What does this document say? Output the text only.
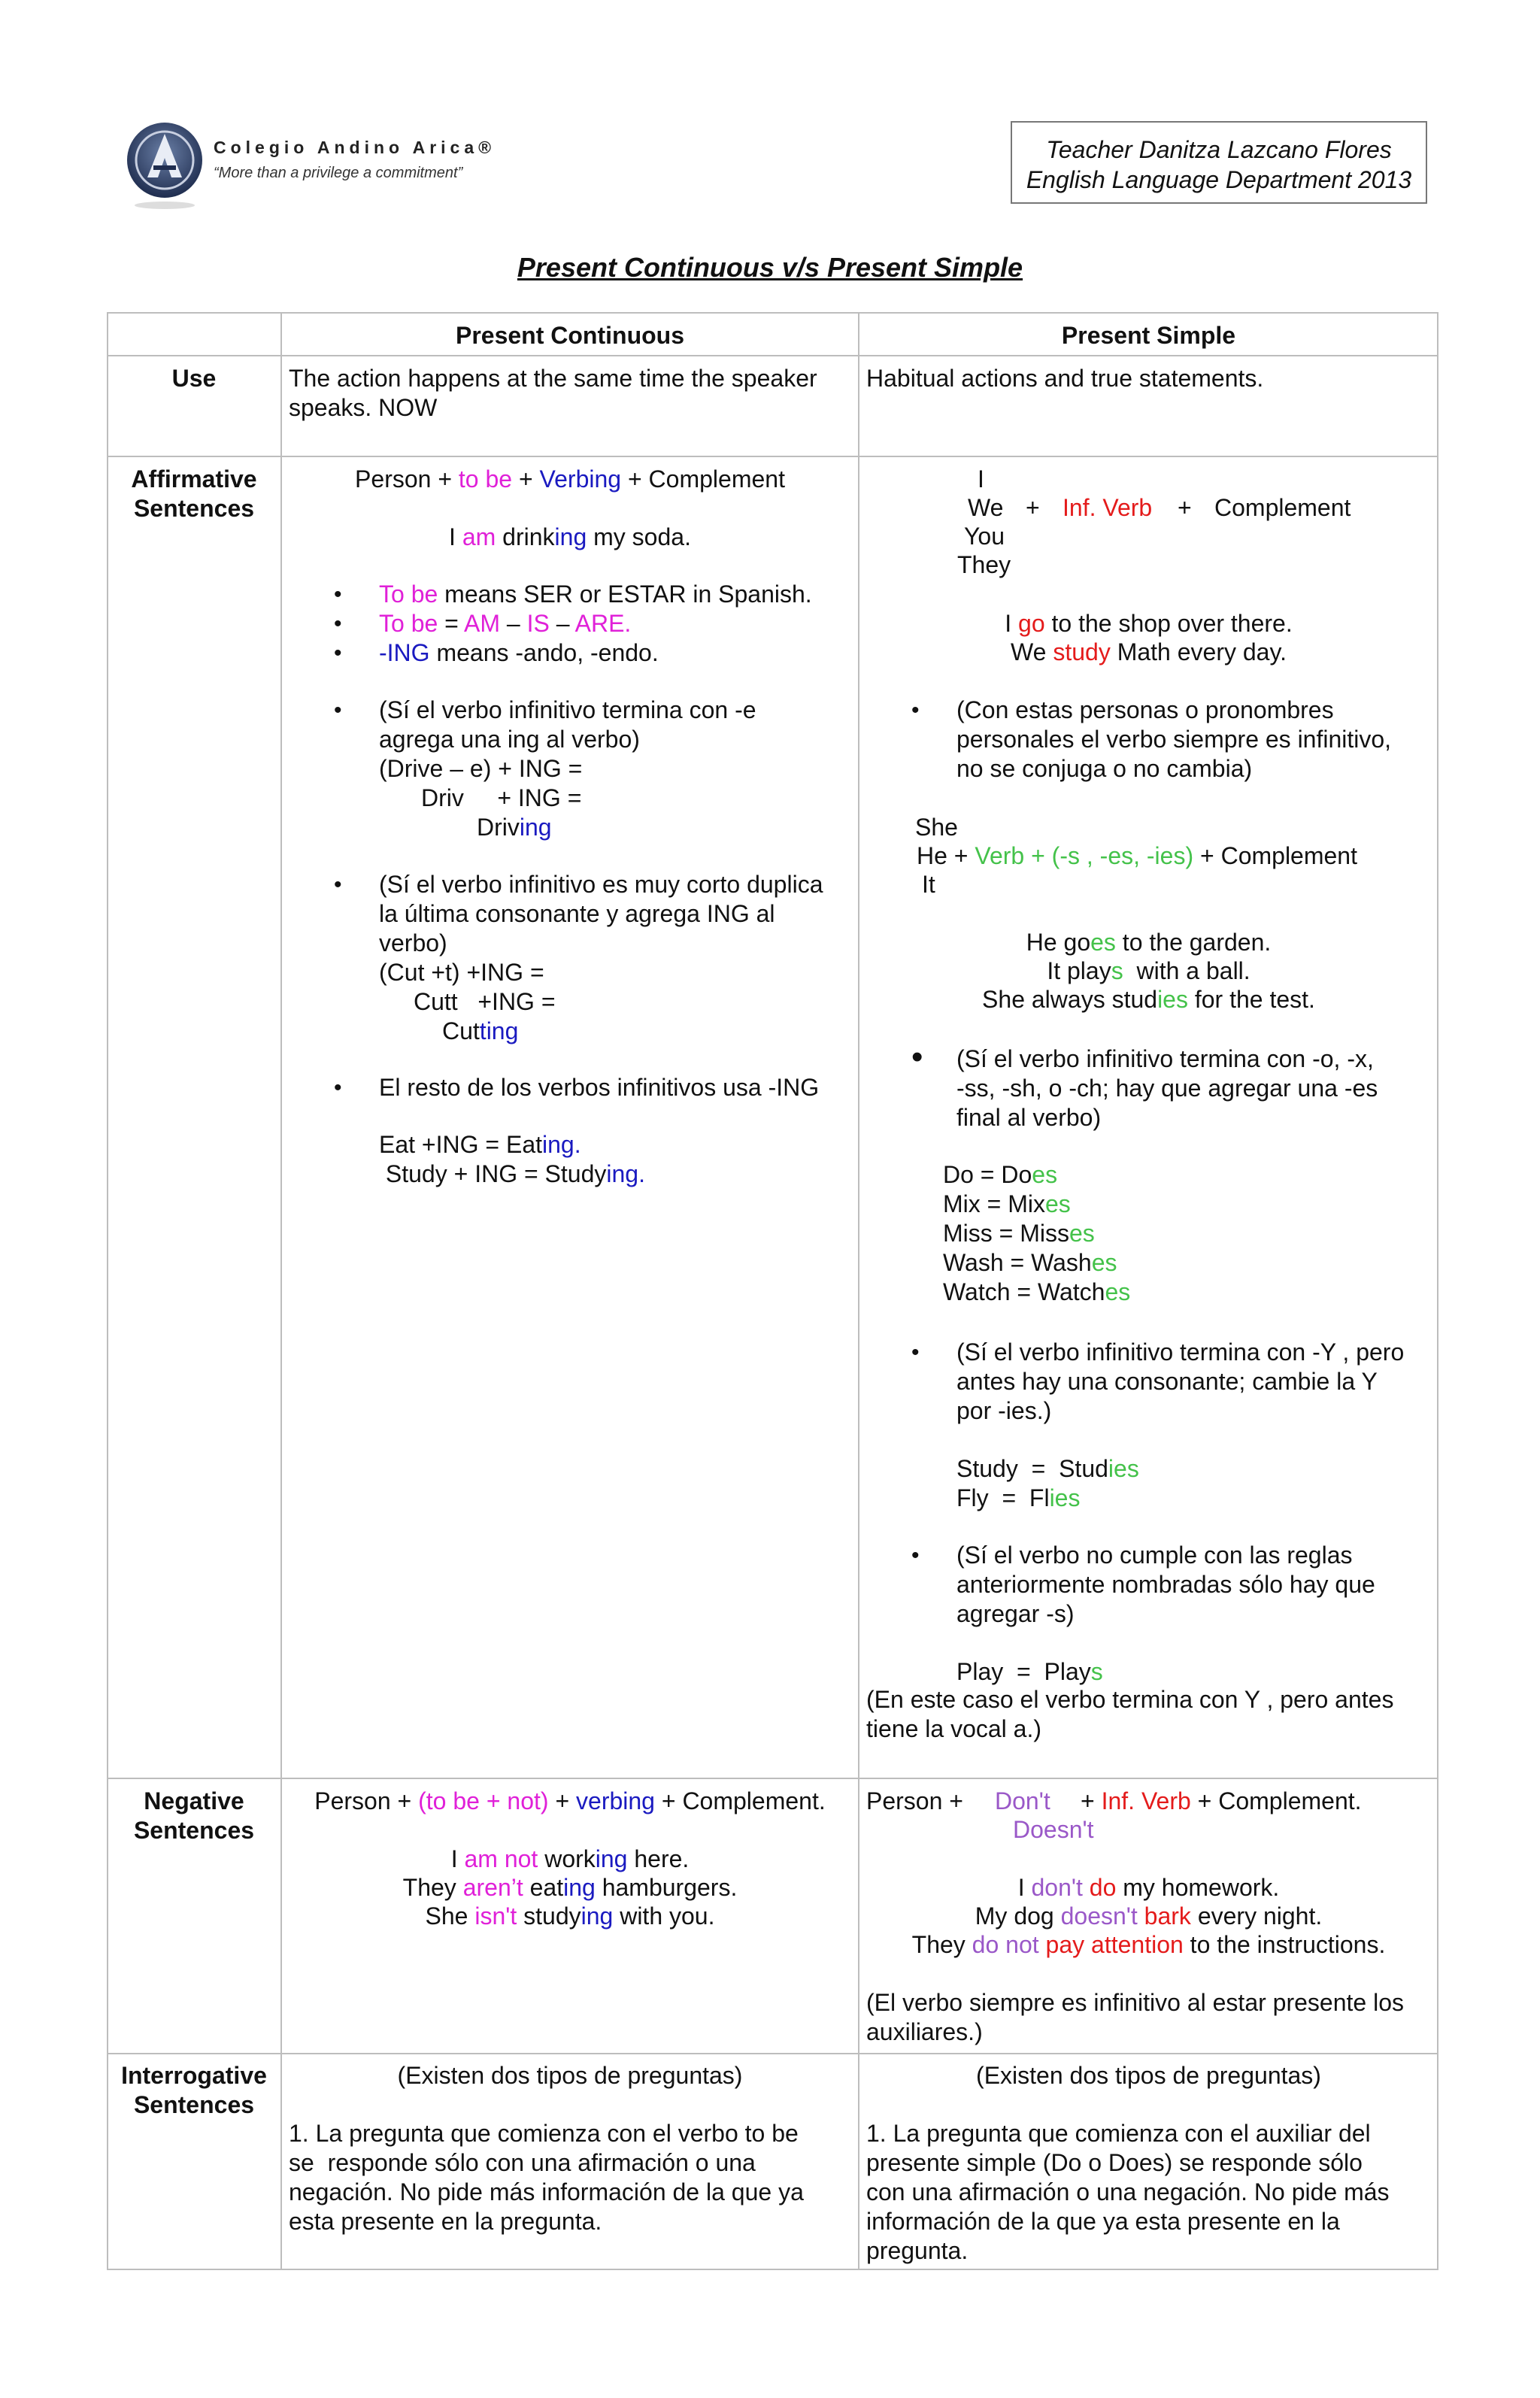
Colegio Andino Arica®
“More than a privilege a commitment”
Teacher Danitza Lazcano Flores
English Language Department 2013
Present Continuous v/s Present Simple
Present Continuous	Present Simple
Use	The action happens at the same time the speaker speaks. NOW
Habitual actions and true statements.
Affirmative
Sentences
Person + to be + Verbing + Complement
I am drinking my soda.
• To be means SER or ESTAR in Spanish.
• To be = AM – IS – ARE.
• -ING means -ando, -endo.
• (Sí el verbo infinitivo termina con -e
agrega una ing al verbo)
(Drive – e) + ING =
Driv     + ING =
Driving
• (Sí el verbo infinitivo es muy corto duplica
la última consonante y agrega ING al
verbo)
(Cut +t) +ING =
Cutt   +ING =
Cutting
• El resto de los verbos infinitivos usa -ING
Eat +ING = Eating.
Study + ING = Studying.
I
We
You
They
+ Inf. Verb + Complement
I go to the shop over there.
We study Math every day.
• (Con estas personas o pronombres
personales el verbo siempre es infinitivo,
no se conjuga o no cambia)
She
He + Verb + (-s , -es, -ies) + Complement
It
He goes to the garden.
It plays  with a ball.
She always studies for the test.
• (Sí el verbo infinitivo termina con -o, -x,
-ss, -sh, o -ch; hay que agregar una -es
final al verbo)
Do = Does
Mix = Mixes
Miss = Misses
Wash = Washes
Watch = Watches
• (Sí el verbo infinitivo termina con -Y , pero
antes hay una consonante; cambie la Y
por -ies.)
Study  =  Studies
Fly  =  Flies
• (Sí el verbo no cumple con las reglas
anteriormente nombradas sólo hay que
agregar -s)
Play  =  Plays
(En este caso el verbo termina con Y , pero antes
tiene la vocal a.)
Negative
Sentences
Person + (to be + not) + verbing + Complement.
I am not working here.
They aren’t eating hamburgers.
She isn't studying with you.
Person + Don't + Inf. Verb + Complement.
Doesn't
I don't do my homework.
My dog doesn't bark every night.
They do not pay attention to the instructions.
(El verbo siempre es infinitivo al estar presente los
auxiliares.)
Interrogative
Sentences
(Existen dos tipos de preguntas)
1. La pregunta que comienza con el verbo to be
se  responde sólo con una afirmación o una
negación. No pide más información de la que ya
esta presente en la pregunta.
(Existen dos tipos de preguntas)
1. La pregunta que comienza con el auxiliar del
presente simple (Do o Does) se responde sólo
con una afirmación o una negación. No pide más
información de la que ya esta presente en la
pregunta.
